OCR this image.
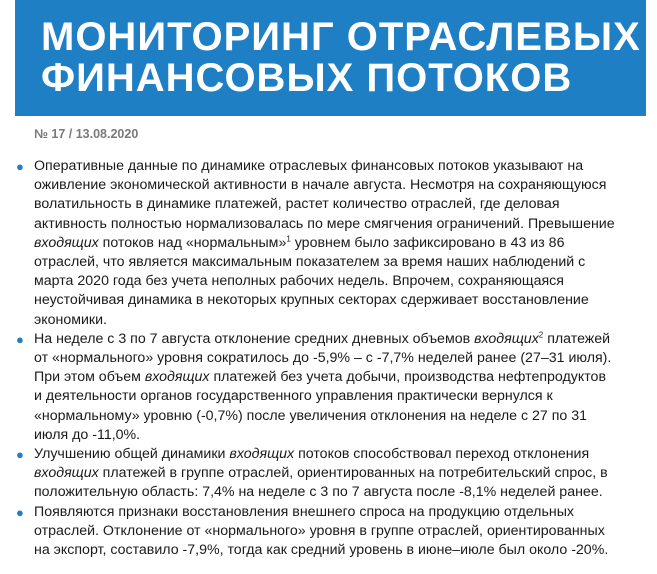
МОНИТОРИНГ ОТРАСЛЕВЫХ
ФИНАНСОВЫХ ПОТОКОВ
№ 17 / 13.08.2020
● Оперативные данные по динамике отраслевых финансовых потоков указывают на
оживление экономической активности в начале августа. Несмотря на сохраняющуюся
волатильность в динамике платежей, растет количество отраслей, где деловая
активность полностью нормализовалась по мере смягчения ограничений. Превышение
входящих потоков над «нормальным»$^1$ уровнем было зафиксировано в 43 из 86
отраслей, что является максимальным показателем за время наших наблюдений с
марта 2020 года без учета неполных рабочих недель. Впрочем, сохраняющаяся
неустойчивая динамика в некоторых крупных секторах сдерживает восстановление
экономики.
● На неделе с 3 по 7 августа отклонение средних дневных объемов входящих$^2$ платежей
от «нормального» уровня сократилось до -5,9% – с -7,7% неделей ранее (27–31 июля).
При этом объем входящих платежей без учета добычи, производства нефтепродуктов
и деятельности органов государственного управления практически вернулся к
«нормальному» уровню (-0,7%) после увеличения отклонения на неделе с 27 по 31
июля до -11,0%.
● Улучшению общей динамики входящих потоков способствовал переход отклонения
входящих платежей в группе отраслей, ориентированных на потребительский спрос, в
положительную область: 7,4% на неделе с 3 по 7 августа после -8,1% неделей ранее.
● Появляются признаки восстановления внешнего спроса на продукцию отдельных
отраслей. Отклонение от «нормального» уровня в группе отраслей, ориентированных
на экспорт, составило -7,9%, тогда как средний уровень в июне–июле был около -20%.
